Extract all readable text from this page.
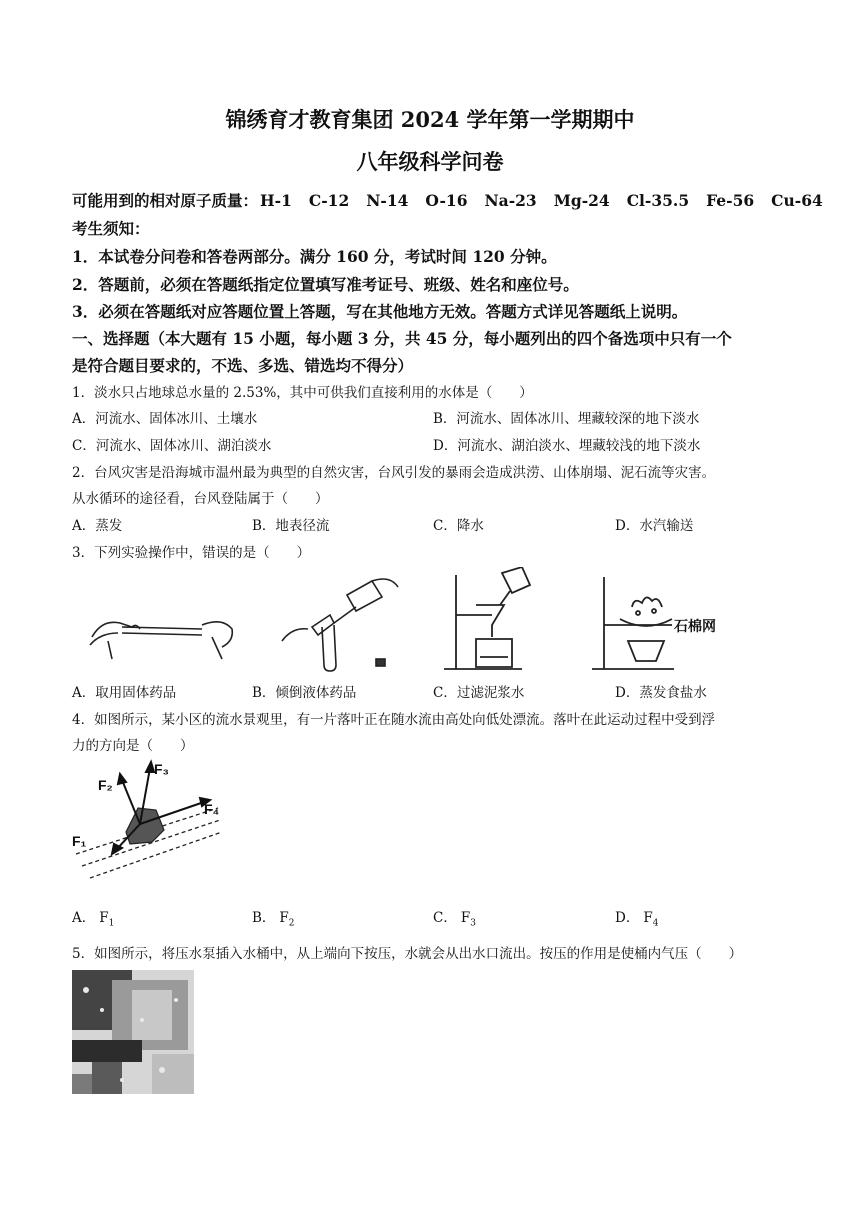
锦绣育才教育集团 2024 学年第一学期期中
八年级科学问卷
可能用到的相对原子质量： H-1 C-12 N-14 O-16 Na-23 Mg-24 Cl-35.5 Fe-56 Cu-64
考生须知：
1．本试卷分问卷和答卷两部分。满分 160 分，考试时间 120 分钟。
2．答题前，必须在答题纸指定位置填写准考证号、班级、姓名和座位号。
3．必须在答题纸对应答题位置上答题，写在其他地方无效。答题方式详见答题纸上说明。
一、选择题（本大题有 15 小题，每小题 3 分，共 45 分，每小题列出的四个备选项中只有一个
是符合题目要求的，不选、多选、错选均不得分）
1．淡水只占地球总水量的 2.53%，其中可供我们直接利用的水体是（　　）
A．河流水、固体冰川、土壤水	B．河流水、固体冰川、埋藏较深的地下淡水
C．河流水、固体冰川、湖泊淡水	D．河流水、湖泊淡水、埋藏较浅的地下淡水
2．台风灾害是沿海城市温州最为典型的自然灾害，台风引发的暴雨会造成洪涝、山体崩塌、泥石流等灾害。
从水循环的途径看，台风登陆属于（　　）
A．蒸发	B．地表径流	C．降水	D．水汽输送
3．下列实验操作中，错误的是（　　）
石棉网
A．取用固体药品	B．倾倒液体药品	C．过滤泥浆水	D．蒸发食盐水
4．如图所示，某小区的流水景观里，有一片落叶正在随水流由高处向低处漂流。落叶在此运动过程中受到浮
力的方向是（　　）
F₁
F₂
F₃
F₄
A． $F_1$	B． $F_2$	C． $F_3$	D． $F_4$
5．如图所示，将压水泵插入水桶中，从上端向下按压，水就会从出水口流出。按压的作用是使桶内气压（　　）
